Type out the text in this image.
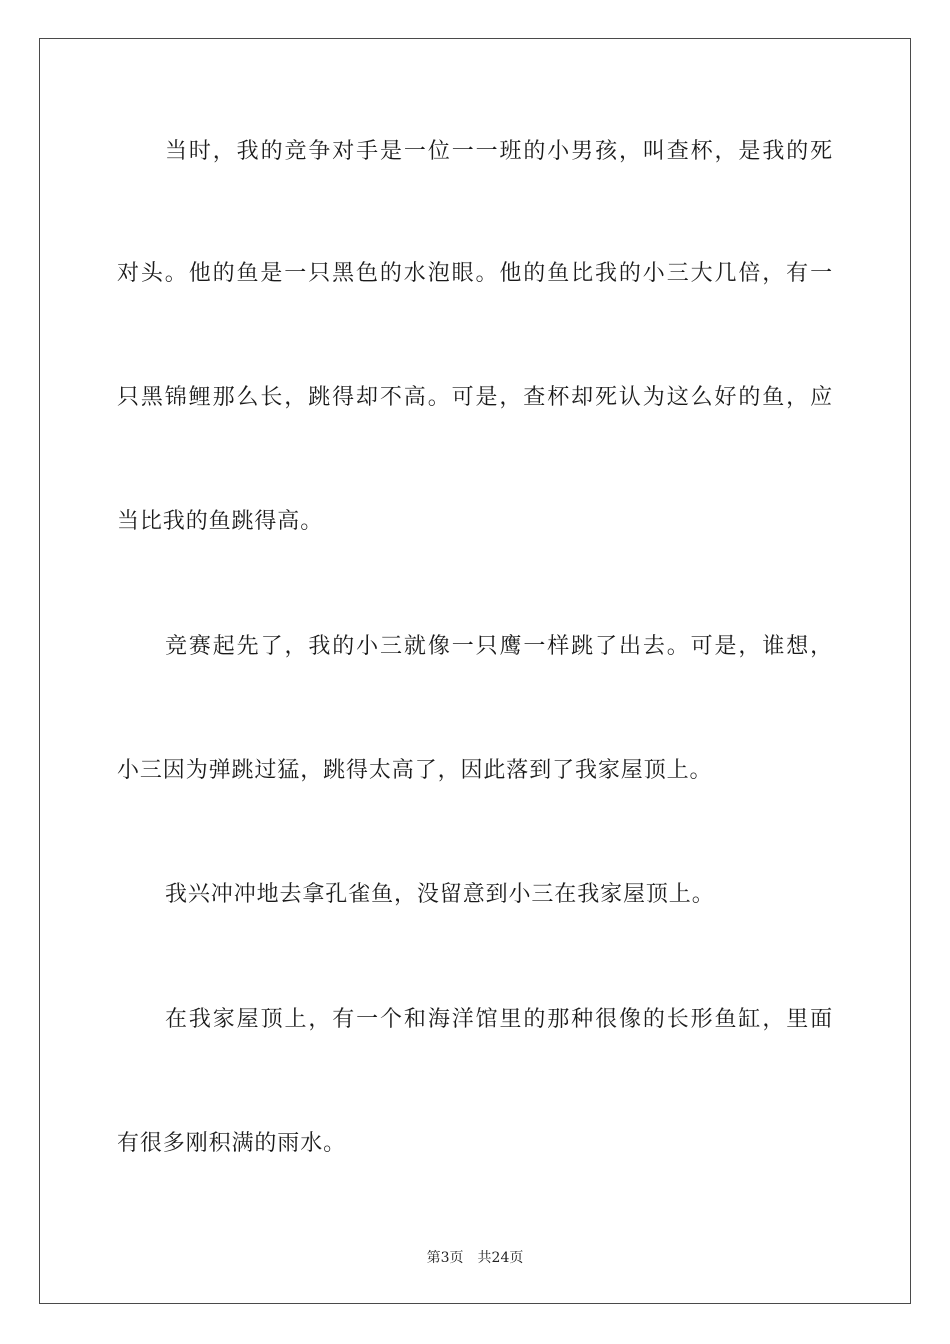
当时，我的竞争对手是一位一一班的小男孩，叫查杯，是我的死

对头。他的鱼是一只黑色的水泡眼。他的鱼比我的小三大几倍，有一

只黑锦鲤那么长，跳得却不高。可是，查杯却死认为这么好的鱼，应

当比我的鱼跳得高。

竞赛起先了，我的小三就像一只鹰一样跳了出去。可是，谁想，

小三因为弹跳过猛，跳得太高了，因此落到了我家屋顶上。

我兴冲冲地去拿孔雀鱼，没留意到小三在我家屋顶上。

在我家屋顶上，有一个和海洋馆里的那种很像的长形鱼缸，里面

有很多刚积满的雨水。

第3页 共24页
